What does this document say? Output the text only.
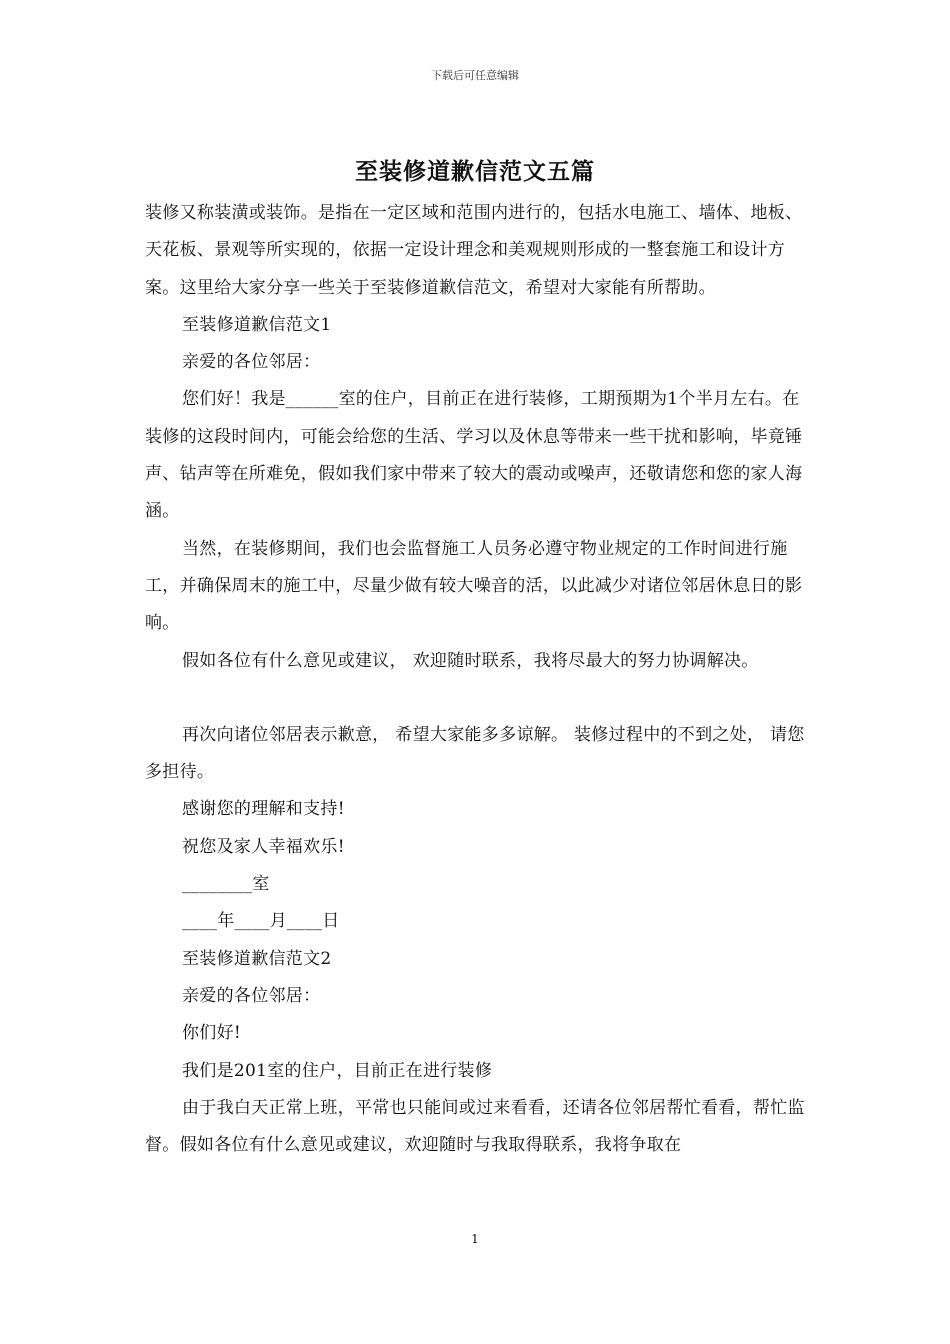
下载后可任意编辑
至装修道歉信范文五篇

装修又称装潢或装饰。是指在一定区域和范围内进行的，包括水电施工、墙体、地板、天花板、景观等所实现的，依据一定设计理念和美观规则形成的一整套施工和设计方案。这里给大家分享一些关于至装修道歉信范文，希望对大家能有所帮助。

至装修道歉信范文1

亲爱的各位邻居：

您们好！我是______室的住户，目前正在进行装修，工期预期为1个半月左右。在装修的这段时间内，可能会给您的生活、学习以及休息等带来一些干扰和影响，毕竟锤声、钻声等在所难免，假如我们家中带来了较大的震动或噪声，还敬请您和您的家人海涵。

当然，在装修期间，我们也会监督施工人员务必遵守物业规定的工作时间进行施工，并确保周末的施工中，尽量少做有较大噪音的活，以此减少对诸位邻居休息日的影响。

假如各位有什么意见或建议， 欢迎随时联系，我将尽最大的努力协调解决。

再次向诸位邻居表示歉意， 希望大家能多多谅解。 装修过程中的不到之处， 请您多担待。

感谢您的理解和支持!

祝您及家人幸福欢乐!

________室

____年____月____日

至装修道歉信范文2

亲爱的各位邻居：

你们好!

我们是201室的住户，目前正在进行装修

由于我白天正常上班，平常也只能间或过来看看，还请各位邻居帮忙看看，帮忙监督。假如各位有什么意见或建议，欢迎随时与我取得联系，我将争取在

1
